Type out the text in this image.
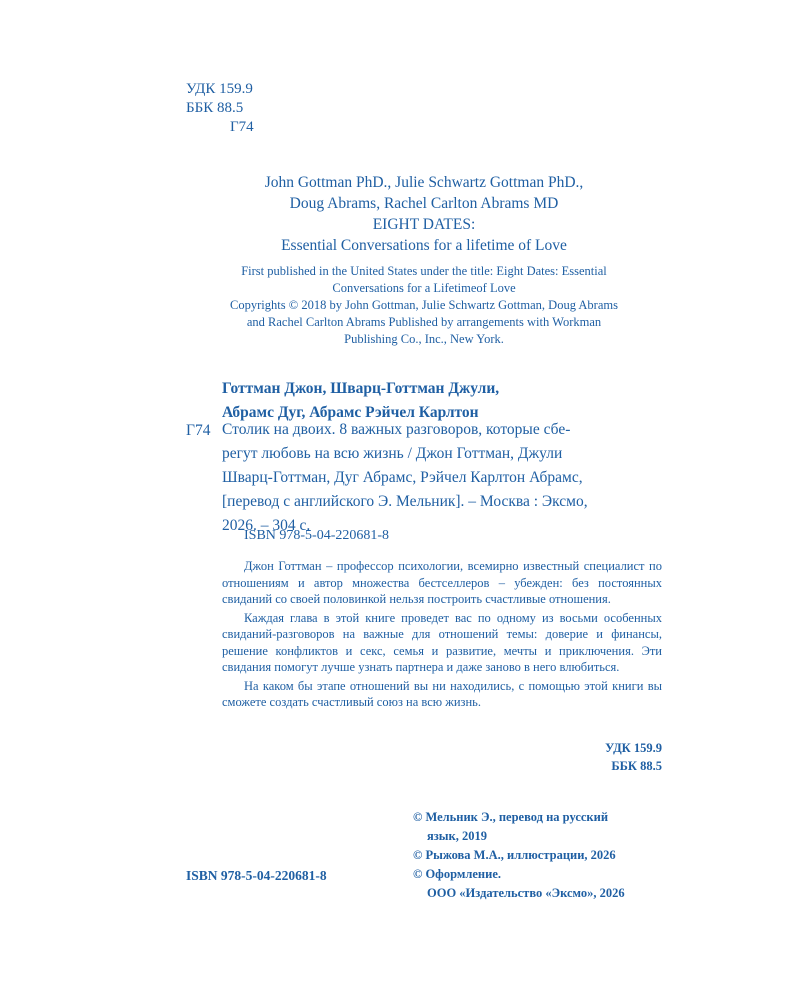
УДК 159.9
ББК 88.5
Г74
John Gottman PhD., Julie Schwartz Gottman PhD.,
Doug Abrams, Rachel Carlton Abrams MD
EIGHT DATES:
Essential Conversations for a lifetime of Love
First published in the United States under the title: Eight Dates: Essential
Conversations for a Lifetimeof Love
Copyrights © 2018 by John Gottman, Julie Schwartz Gottman, Doug Abrams
and Rachel Carlton Abrams Published by arrangements with Workman
Publishing Co., Inc., New York.
Готтман Джон, Шварц-Готтман Джули,
Абрамс Дуг, Абрамс Рэйчел Карлтон
Г74 Столик на двоих. 8 важных разговоров, которые сбе-
регут любовь на всю жизнь / Джон Готтман, Джули
Шварц-Готтман, Дуг Абрамс, Рэйчел Карлтон Абрамс,
[перевод с английского Э. Мельник]. – Москва : Эксмо,
2026. – 304 с.
ISBN 978-5-04-220681-8

Джон Готтман – профессор психологии, всемирно известный специалист по отношениям и автор множества бестселлеров – убежден: без постоянных свиданий со своей половинкой нельзя построить счастливые отношения.

Каждая глава в этой книге проведет вас по одному из восьми особенных свиданий-разговоров на важные для отношений темы: доверие и финансы, решение конфликтов и секс, семья и развитие, мечты и приключения. Эти свидания помогут лучше узнать партнера и даже заново в него влюбиться.

На каком бы этапе отношений вы ни находились, с помощью этой книги вы сможете создать счастливый союз на всю жизнь.

УДК 159.9
ББК 88.5
ISBN 978-5-04-220681-8
© Мельник Э., перевод на русский
язык, 2019
© Рыжова М.А., иллюстрации, 2026
© Оформление.
ООО «Издательство «Эксмо», 2026
